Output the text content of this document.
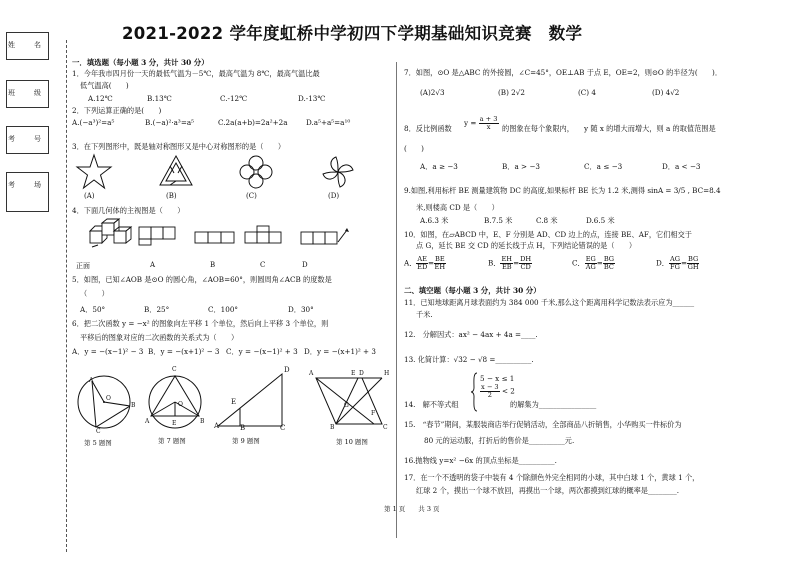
姓　名
班　级
考　号
考　场
2021-2022 学年度虹桥中学初四下学期基础知识竞赛　数学
一．填选题（每小题 3 分，共计 30 分）
1．今年我市四月份一天的最低气温为－5℃，最高气温为 8℃，最高气温比最
低气温高(　　)
A.12℃	B.13℃	C.-12℃	D.-13℃
2．下列运算正确的是(　　)
A.(−a³)²=a⁵	B.(−a)²·a³=a⁵	C.2a(a+b)=2a²+2a	D.a⁵+a⁵=a¹⁰
3．在下列图形中，既是轴对称图形又是中心对称图形的是（　　）
(A)	(B)	(C)	(D)
4．下面几何体的主视图是（　　）
正面	A	B	C	D
5．如图，已知∠AOB 是⊙O 的圆心角，∠AOB=60°，则圆周角∠ACB 的度数是
（　　）
A．50°	B．25°	C．100°	D．30°
6．把二次函数 y = −x² 的图象向左平移 1 个单位，然后向上平移 3 个单位，则
平移后的图象对应的二次函数的关系式为（　　）
A．y = −(x−1)² − 3 B．y = −(x+1)² − 3 C．y = −(x−1)² + 3 D．y = −(x+1)² + 3
A
B
C
O
第 5 题图
C
A
O
B
E
第 7 题图
E
A	B
D
C
第 9 题图
A
B	C
D
E
F
G
H
第 10 题图
7．如图，⊙O 是△ABC 的外接圆，∠C=45°，OE⊥AB 于点 E，OE=2，则⊙O 的半径为(　　)．
(A)2√3	(B) 2√2	(C) 4	(D) 4√2
8．反比例函数
$y = \frac{a + 3}{x}$ 的图象在每个象限内， y 随 x 的增大而增大，则 a 的取值范围是
(　　)
A．a ≥ −3	B．a > −3	C．a ≤ −3	D．a < −3
9.如图,利用标杆 BE 测量建筑物 DC 的高度,如果标杆 BE 长为 1.2 米,测得 sinA = 3/5 , BC=8.4
米,则楼高 CD 是（　　）
A.6.3 米	B.7.5 米	C.8 米	D.6.5 米
10．如图，在▱ABCD 中，E、F 分别是 AD、CD 边上的点，连接 BE、AF，它们相交于
点 G，延长 BE 交 CD 的延长线于点 H，下列结论错误的是（　　）
A． $\frac{AE}{ED}= \frac{BE}{EH}$	B． $\frac{EH}{EB}= \frac{DH}{CD}$	C． $\frac{EG}{AG}= \frac{BG}{BC}$	D． $\frac{AG}{FG}= \frac{BG}{GH}$
二、填空题（每小题 3 分，共计 30 分）
11．已知地球距离月球表面约为 384 000 千米,那么这个距离用科学记数法表示应为______
千米.
12.　分解因式：ax² − 4ax + 4a =____.
13. 化简计算：√32 − √8 =__________.
14.　解不等式组
5 − x ≤ 1
$\frac{x - 3}{2} < 2$
的解集为________________
15.　“春节”期间，某服装商店举行促销活动，全部商品八折销售，小华购买一件标价为
80 元的运动服，打折后的售价是__________元.
16.抛物线 y=x² −6x 的顶点坐标是__________.
17．在一个不透明的袋子中装有 4 个除颜色外完全相同的小球，其中白球 1 个，黄球 1 个，
红球 2 个，摸出一个球不放回，再摸出一个球，两次都摸到红球的概率是________.
第 1 页　　共 3 页
